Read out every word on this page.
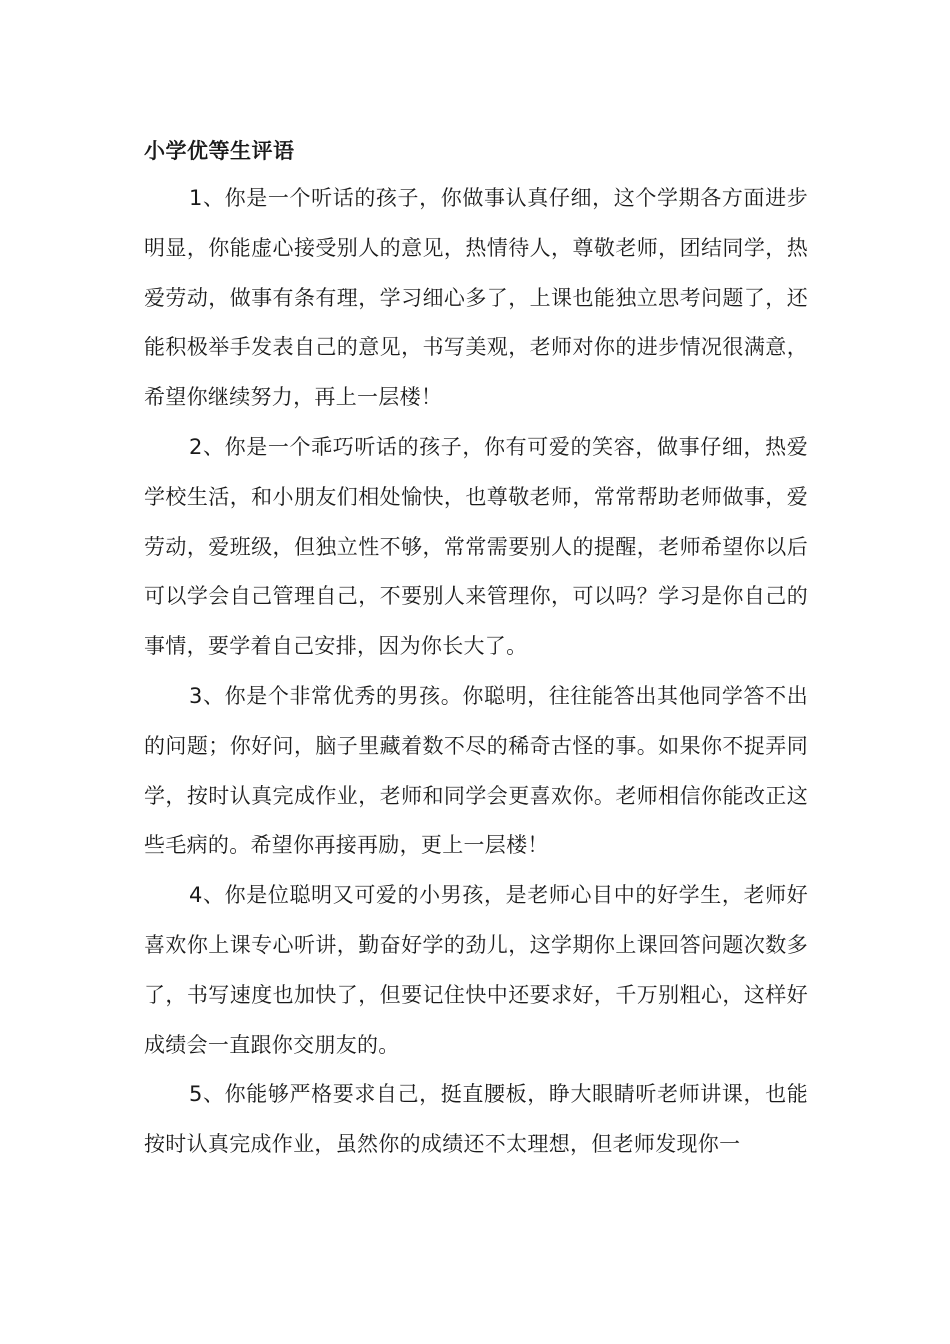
小学优等生评语

1、你是一个听话的孩子，你做事认真仔细，这个学期各方面进步明显，你能虚心接受别人的意见，热情待人，尊敬老师，团结同学，热爱劳动，做事有条有理，学习细心多了，上课也能独立思考问题了，还能积极举手发表自己的意见，书写美观，老师对你的进步情况很满意，希望你继续努力，再上一层楼！

2、你是一个乖巧听话的孩子，你有可爱的笑容，做事仔细，热爱学校生活，和小朋友们相处愉快，也尊敬老师，常常帮助老师做事，爱劳动，爱班级，但独立性不够，常常需要别人的提醒，老师希望你以后可以学会自己管理自己，不要别人来管理你，可以吗？学习是你自己的事情，要学着自己安排，因为你长大了。

3、你是个非常优秀的男孩。你聪明，往往能答出其他同学答不出的问题；你好问，脑子里藏着数不尽的稀奇古怪的事。如果你不捉弄同学，按时认真完成作业，老师和同学会更喜欢你。老师相信你能改正这些毛病的。希望你再接再励，更上一层楼！

4、你是位聪明又可爱的小男孩，是老师心目中的好学生，老师好喜欢你上课专心听讲，勤奋好学的劲儿，这学期你上课回答问题次数多了，书写速度也加快了，但要记住快中还要求好，千万别粗心，这样好成绩会一直跟你交朋友的。

5、你能够严格要求自己，挺直腰板，睁大眼睛听老师讲课，也能按时认真完成作业，虽然你的成绩还不太理想，但老师发现你一
